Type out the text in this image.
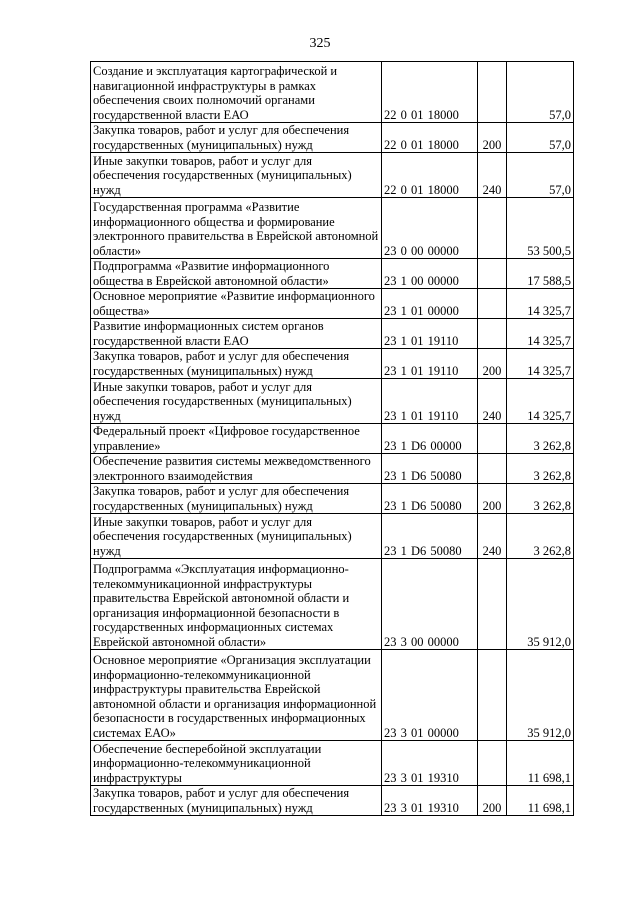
325
Создание и эксплуатация картографической и навигационной инфраструктуры в рамках обеспечения своих полномочий органами государственной власти ЕАО	22 0 01 18000		57,0
Закупка товаров, работ и услуг для обеспечения государственных (муниципальных) нужд	22 0 01 18000	200	57,0
Иные закупки товаров, работ и услуг для обеспечения государственных (муниципальных) нужд	22 0 01 18000	240	57,0
Государственная программа «Развитие информационного общества и формирование электронного правительства в Еврейской автономной области»	23 0 00 00000		53 500,5
Подпрограмма «Развитие информационного общества в Еврейской автономной области»	23 1 00 00000		17 588,5
Основное мероприятие «Развитие информационного общества»	23 1 01 00000		14 325,7
Развитие информационных систем органов государственной власти ЕАО	23 1 01 19110		14 325,7
Закупка товаров, работ и услуг для обеспечения государственных (муниципальных) нужд	23 1 01 19110	200	14 325,7
Иные закупки товаров, работ и услуг для обеспечения государственных (муниципальных) нужд	23 1 01 19110	240	14 325,7
Федеральный проект «Цифровое государственное управление»	23 1 D6 00000		3 262,8
Обеспечение развития системы межведомственного электронного взаимодействия	23 1 D6 50080		3 262,8
Закупка товаров, работ и услуг для обеспечения государственных (муниципальных) нужд	23 1 D6 50080	200	3 262,8
Иные закупки товаров, работ и услуг для обеспечения государственных (муниципальных) нужд	23 1 D6 50080	240	3 262,8
Подпрограмма «Эксплуатация информационно-телекоммуникационной инфраструктуры правительства Еврейской автономной области и организация информационной безопасности в государственных информационных системах Еврейской автономной области»	23 3 00 00000		35 912,0
Основное мероприятие «Организация эксплуатации информационно-телекоммуникационной инфраструктуры правительства Еврейской автономной области и организация информационной безопасности в государственных информационных системах ЕАО»	23 3 01 00000		35 912,0
Обеспечение бесперебойной эксплуатации информационно-телекоммуникационной инфраструктуры	23 3 01 19310		11 698,1
Закупка товаров, работ и услуг для обеспечения государственных (муниципальных) нужд	23 3 01 19310	200	11 698,1
